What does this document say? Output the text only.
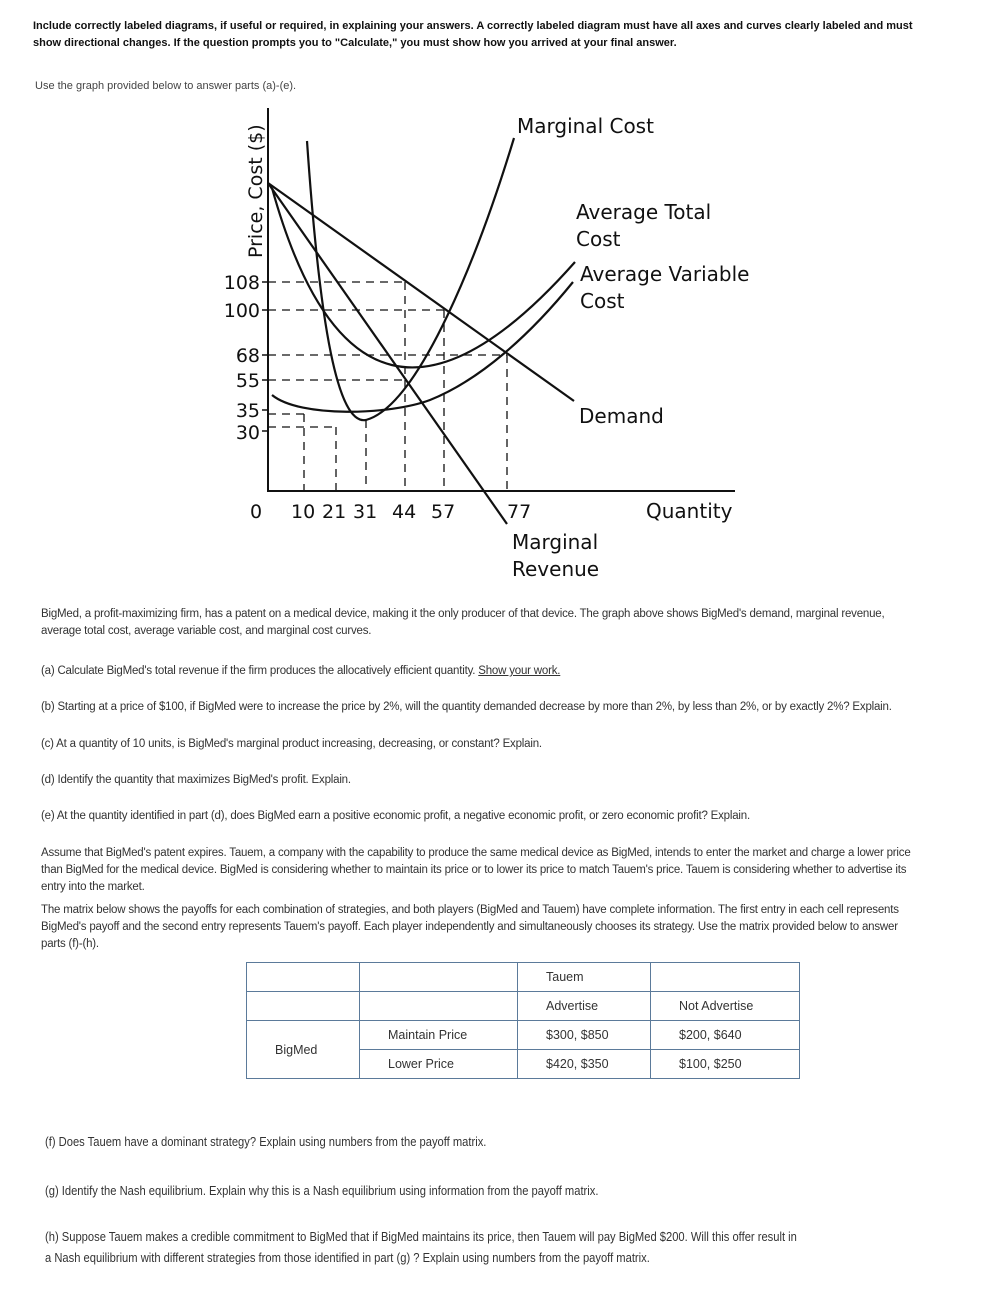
Include correctly labeled diagrams, if useful or required, in explaining your answers. A correctly labeled diagram must have all axes and curves clearly labeled and must show directional changes. If the question prompts you to "Calculate," you must show how you arrived at your final answer.
Use the graph provided below to answer parts (a)-(e).
108
100
68
55
35
30
0 10 21 31 44 57	77
Price, Cost ($)
Quantity
Marginal Cost
Average Total
Cost
Average Variable
Cost
Demand
Marginal
Revenue
BigMed, a profit-maximizing firm, has a patent on a medical device, making it the only producer of that device. The graph above shows BigMed's demand, marginal revenue, average total cost, average variable cost, and marginal cost curves.
(a) Calculate BigMed's total revenue if the firm produces the allocatively efficient quantity. Show your work.
(b) Starting at a price of $100, if BigMed were to increase the price by 2%, will the quantity demanded decrease by more than 2%, by less than 2%, or by exactly 2%? Explain.
(c) At a quantity of 10 units, is BigMed's marginal product increasing, decreasing, or constant? Explain.
(d) Identify the quantity that maximizes BigMed's profit. Explain.
(e) At the quantity identified in part (d), does BigMed earn a positive economic profit, a negative economic profit, or zero economic profit? Explain.
Assume that BigMed's patent expires. Tauem, a company with the capability to produce the same medical device as BigMed, intends to enter the market and charge a lower price than BigMed for the medical device. BigMed is considering whether to maintain its price or to lower its price to match Tauem's price. Tauem is considering whether to advertise its entry into the market.
The matrix below shows the payoffs for each combination of strategies, and both players (BigMed and Tauem) have complete information. The first entry in each cell represents BigMed's payoff and the second entry represents Tauem's payoff. Each player independently and simultaneously chooses its strategy. Use the matrix provided below to answer parts (f)-(h).
		Tauem	
		Advertise	Not Advertise
BigMed	Maintain Price	$300, $850	$200, $640
	Lower Price	$420, $350	$100, $250
(f) Does Tauem have a dominant strategy? Explain using numbers from the payoff matrix.
(g) Identify the Nash equilibrium. Explain why this is a Nash equilibrium using information from the payoff matrix.
(h) Suppose Tauem makes a credible commitment to BigMed that if BigMed maintains its price, then Tauem will pay BigMed $200. Will this offer result in a Nash equilibrium with different strategies from those identified in part (g) ? Explain using numbers from the payoff matrix.
